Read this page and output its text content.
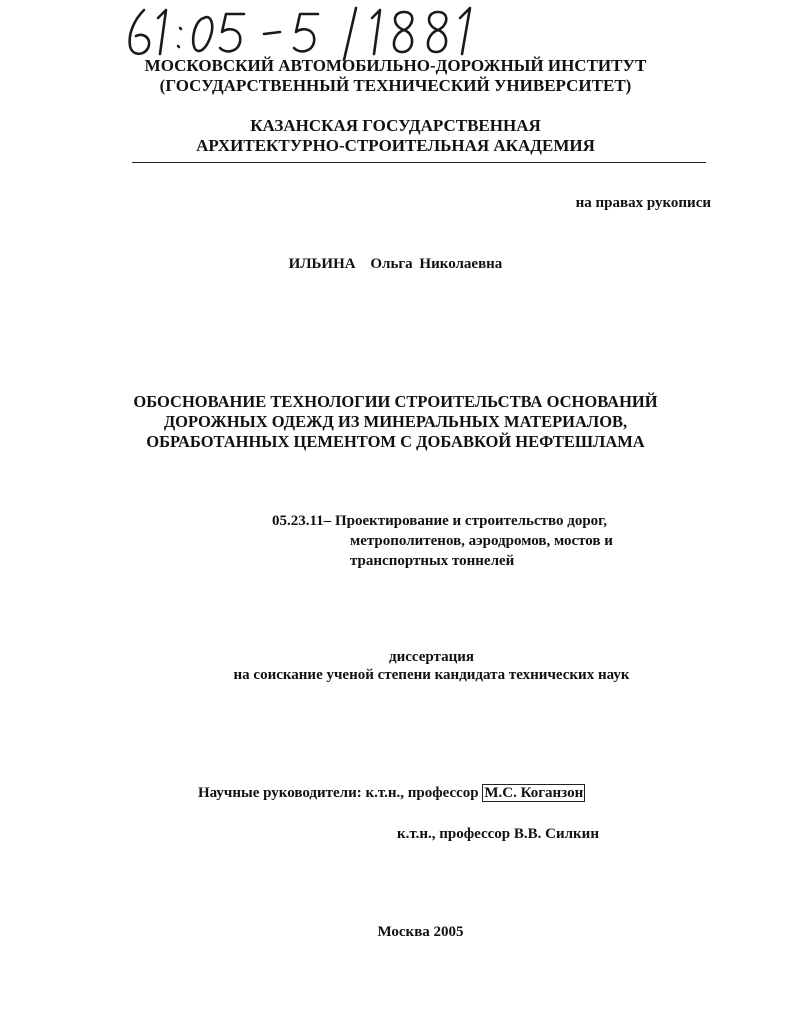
МОСКОВСКИЙ АВТОМОБИЛЬНО-ДОРОЖНЫЙ ИНСТИТУТ
(ГОСУДАРСТВЕННЫЙ ТЕХНИЧЕСКИЙ УНИВЕРСИТЕТ)
КАЗАНСКАЯ ГОСУДАРСТВЕННАЯ
АРХИТЕКТУРНО-СТРОИТЕЛЬНАЯ АКАДЕМИЯ
на правах рукописи
ИЛЬИНА Ольга Николаевна
ОБОСНОВАНИЕ ТЕХНОЛОГИИ СТРОИТЕЛЬСТВА ОСНОВАНИЙ
ДОРОЖНЫХ ОДЕЖД ИЗ МИНЕРАЛЬНЫХ МАТЕРИАЛОВ,
ОБРАБОТАННЫХ ЦЕМЕНТОМ С ДОБАВКОЙ НЕФТЕШЛАМА
05.23.11– Проектирование и строительство дорог,
метрополитенов, аэродромов, мостов и
транспортных тоннелей
диссертация
на соискание ученой степени кандидата технических наук
Научные руководители: к.т.н., профессор М.С. Коганзон
к.т.н., профессор В.В. Силкин
Москва 2005
